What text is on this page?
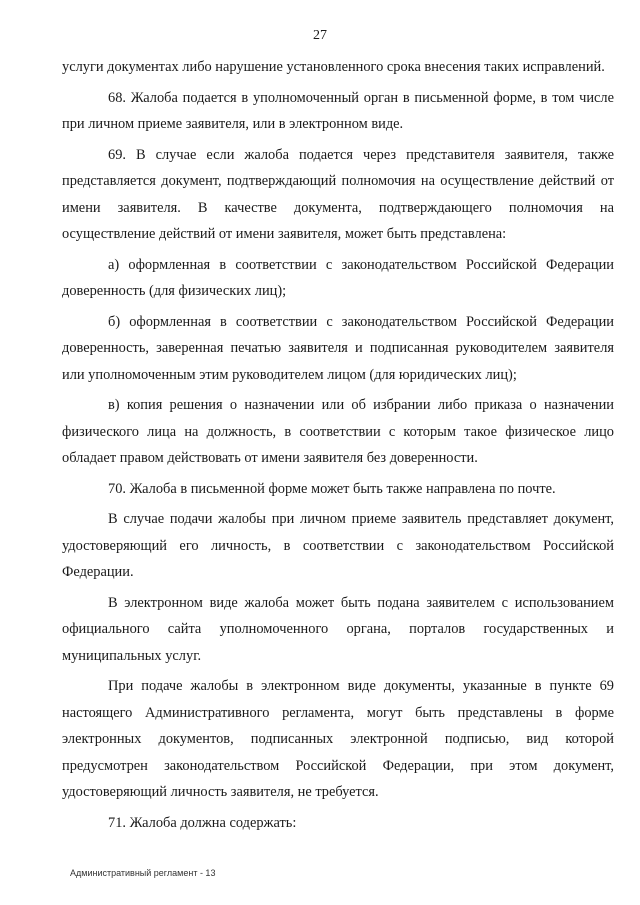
27

услуги документах либо нарушение установленного срока внесения таких исправлений.

68. Жалоба подается в уполномоченный орган в письменной форме, в том числе при личном приеме заявителя, или в электронном виде.

69. В случае если жалоба подается через представителя заявителя, также представляется документ, подтверждающий полномочия на осуществление действий от имени заявителя. В качестве документа, подтверждающего полномочия на осуществление действий от имени заявителя, может быть представлена:

а) оформленная в соответствии с законодательством Российской Федерации доверенность (для физических лиц);

б) оформленная в соответствии с законодательством Российской Федерации доверенность, заверенная печатью заявителя и подписанная руководителем заявителя или уполномоченным этим руководителем лицом (для юридических лиц);

в) копия решения о назначении или об избрании либо приказа о назначении физического лица на должность, в соответствии с которым такое физическое лицо обладает правом действовать от имени заявителя без доверенности.

70. Жалоба в письменной форме может быть также направлена по почте.

В случае подачи жалобы при личном приеме заявитель представляет документ, удостоверяющий его личность, в соответствии с законодательством Российской Федерации.

В электронном виде жалоба может быть подана заявителем с использованием официального сайта уполномоченного органа, порталов государственных и муниципальных услуг.

При подаче жалобы в электронном виде документы, указанные в пункте 69 настоящего Административного регламента, могут быть представлены в форме электронных документов, подписанных электронной подписью, вид которой предусмотрен законодательством Российской Федерации, при этом документ, удостоверяющий личность заявителя, не требуется.

71. Жалоба должна содержать:

Административный регламент - 13
